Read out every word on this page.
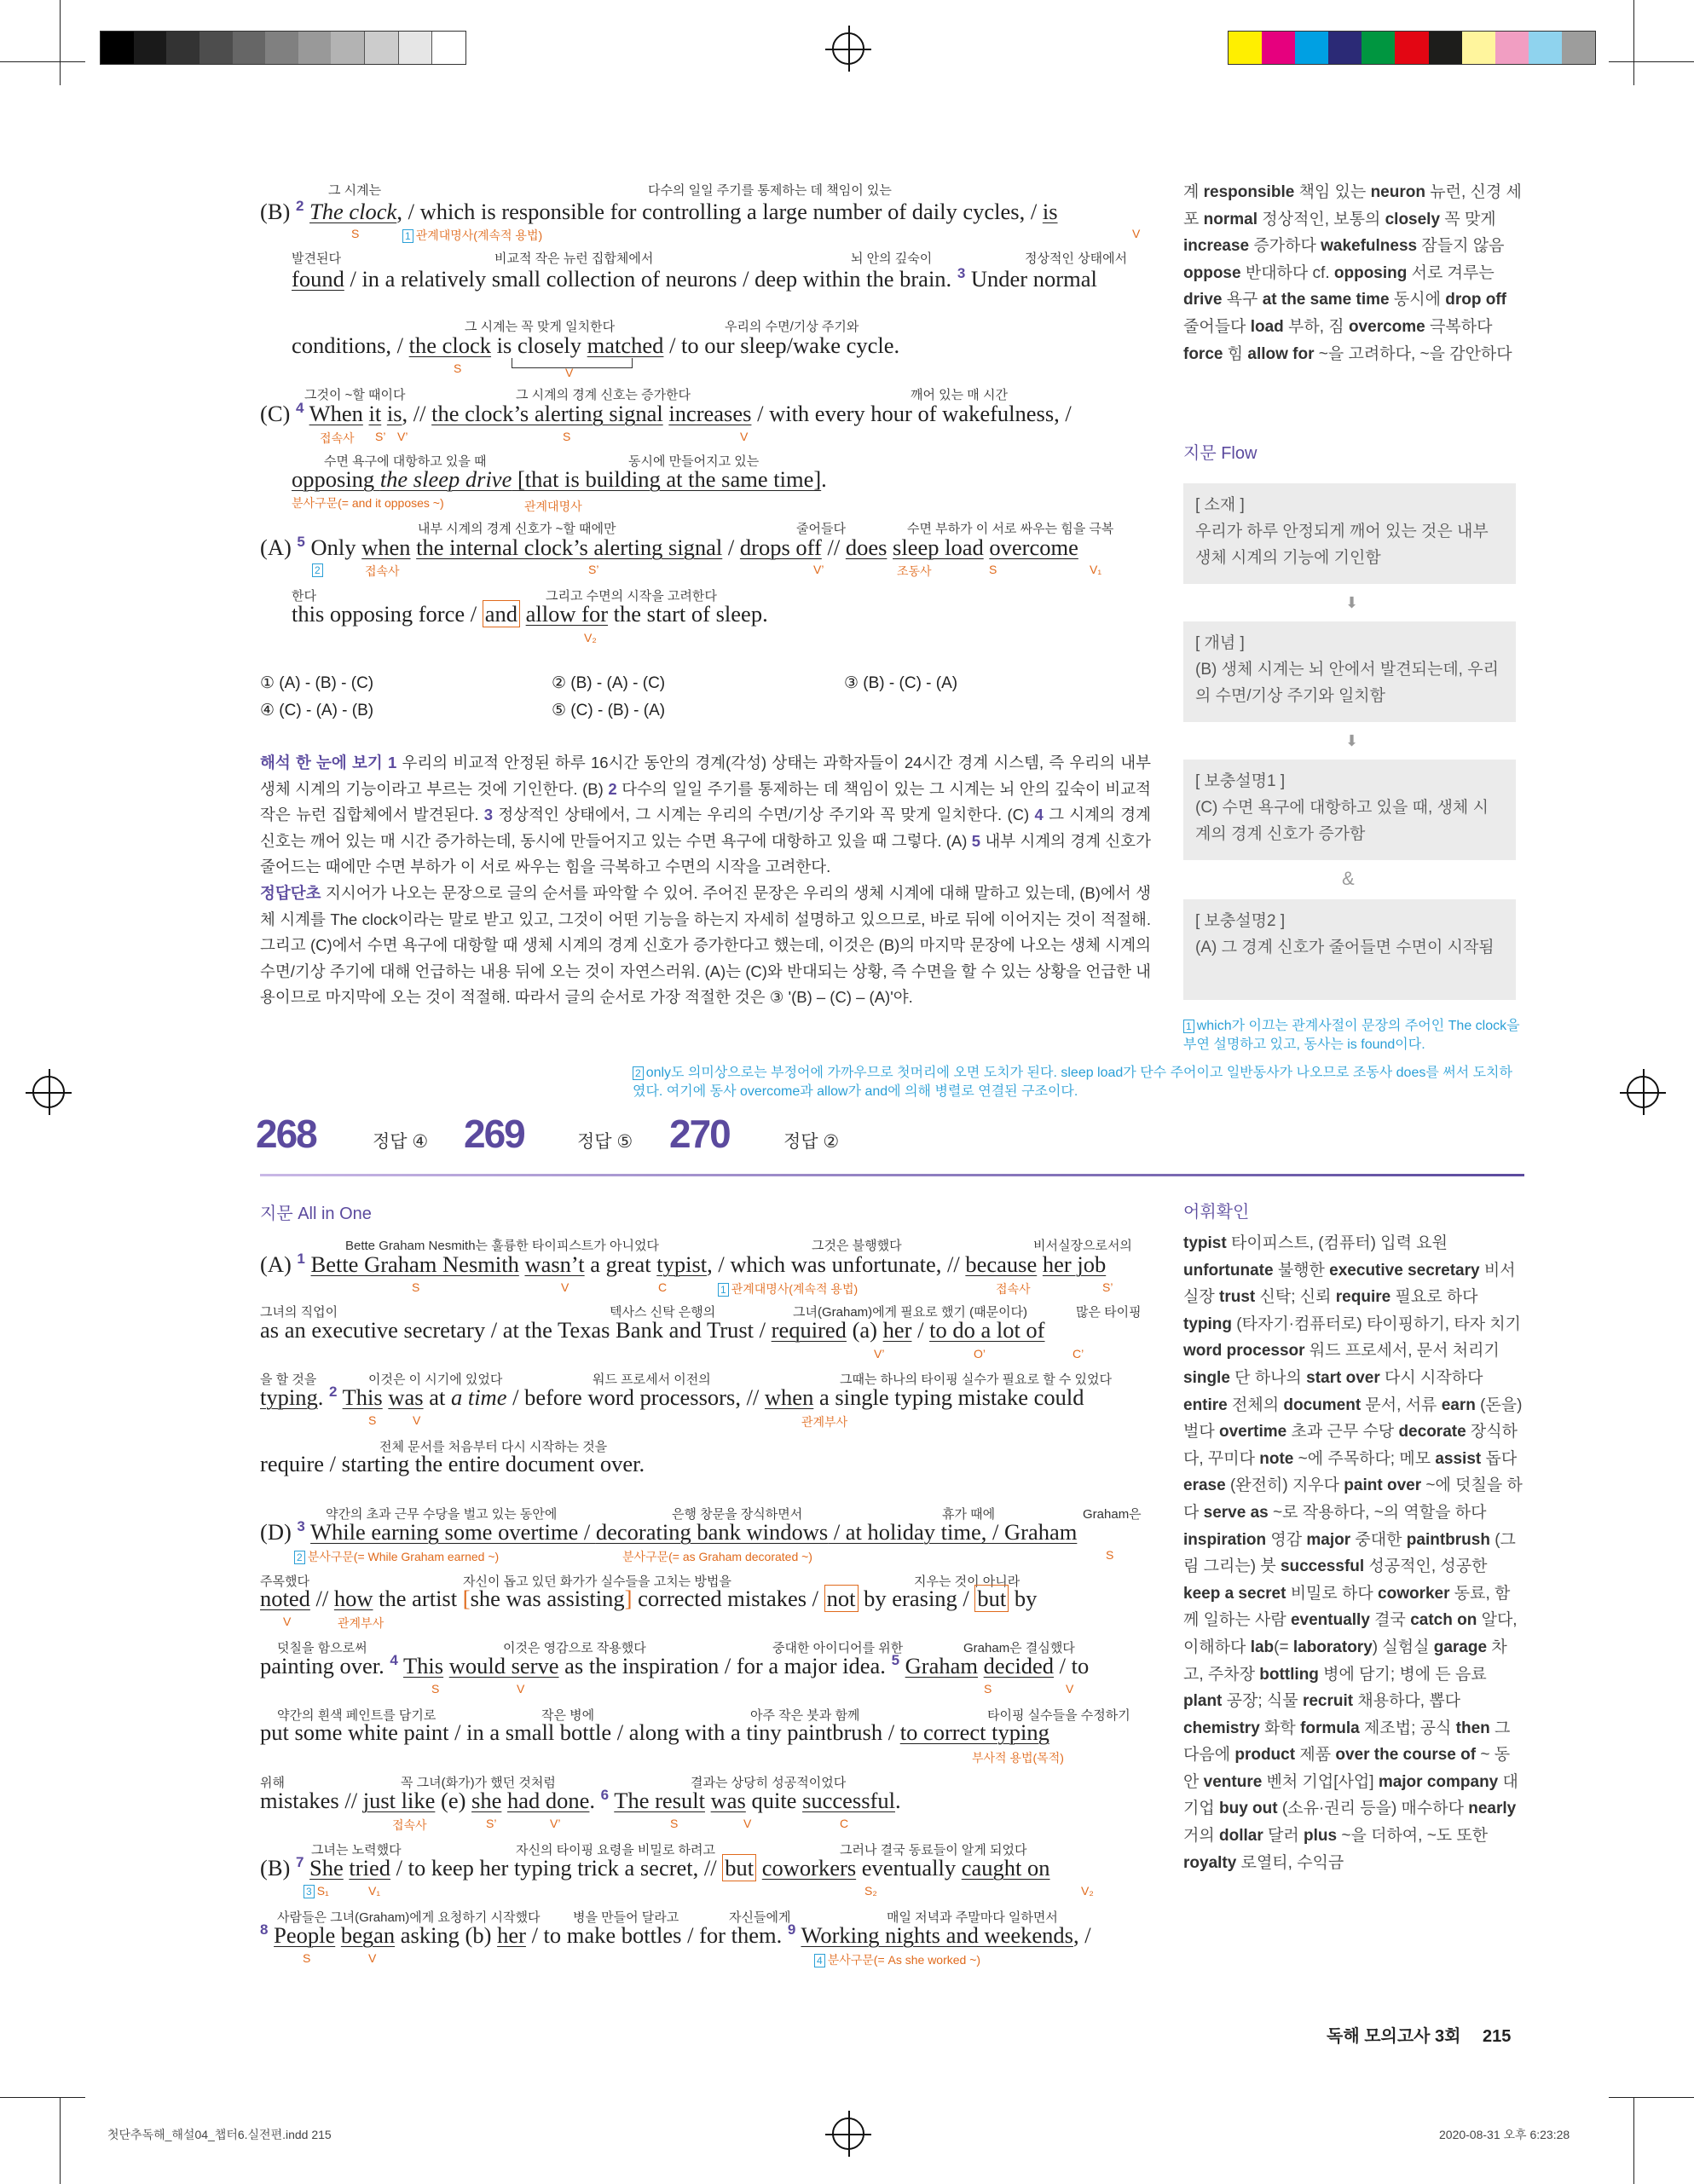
그 시계는	다수의 일일 주기를 통제하는 데 책임이 있는
(B) $^2$ The clock, / which is responsible for controlling a large number of daily cycles, / is
S	1 관계대명사(계속적 용법)	V
발견된다	비교적 작은 뉴런 집합체에서	뇌 안의 깊숙이	정상적인 상태에서
found / in a relatively small collection of neurons / deep within the brain. $^3$ Under normal
그 시계는 꼭 맞게 일치한다	우리의 수면/기상 주기와
conditions, / the clock is closely matched / to our sleep/wake cycle.
S	V
그것이 ~할 때이다	그 시계의 경계 신호는 증가한다	깨어 있는 매 시간
(C) $^4$ When it is, // the clock’s alerting signal increases / with every hour of wakefulness, /
접속사 S’ V’	S	V
수면 욕구에 대항하고 있을 때	동시에 만들어지고 있는
opposing the sleep drive [that is building at the same time].
분사구문(= and it opposes ~)	관계대명사
내부 시계의 경계 신호가 ~할 때에만	줄어들다	수면 부하가 이 서로 싸우는 힘을 극복
(A) $^5$ Only when the internal clock’s alerting signal / drops off // does sleep load overcome
2	접속사	S’	V’	조동사	S	V₁
한다	그리고 수면의 시작을 고려한다
this opposing force / and allow for the start of sleep.
V₂
① (A) - (B) - (C)	② (B) - (A) - (C)	③ (B) - (C) - (A)
④ (C) - (A) - (B)	⑤ (C) - (B) - (A)
해석 한 눈에 보기 1 우리의 비교적 안정된 하루 16시간 동안의 경계(각성) 상태는 과학자들이 24시간 경계 시스템, 즉 우리의 내부 생체 시계의 기능이라고 부르는 것에 기인한다. (B) 2 다수의 일일 주기를 통제하는 데 책임이 있는 그 시계는 뇌 안의 깊숙이 비교적 작은 뉴런 집합체에서 발견된다. 3 정상적인 상태에서, 그 시계는 우리의 수면/기상 주기와 꼭 맞게 일치한다. (C) 4 그 시계의 경계 신호는 깨어 있는 매 시간 증가하는데, 동시에 만들어지고 있는 수면 욕구에 대항하고 있을 때 그렇다. (A) 5 내부 시계의 경계 신호가 줄어드는 때에만 수면 부하가 이 서로 싸우는 힘을 극복하고 수면의 시작을 고려한다.
정답단초 지시어가 나오는 문장으로 글의 순서를 파악할 수 있어. 주어진 문장은 우리의 생체 시계에 대해 말하고 있는데, (B)에서 생체 시계를 The clock이라는 말로 받고 있고, 그것이 어떤 기능을 하는지 자세히 설명하고 있으므로, 바로 뒤에 이어지는 것이 적절해. 그리고 (C)에서 수면 욕구에 대항할 때 생체 시계의 경계 신호가 증가한다고 했는데, 이것은 (B)의 마지막 문장에 나오는 생체 시계의 수면/기상 주기에 대해 언급하는 내용 뒤에 오는 것이 자연스러워. (A)는 (C)와 반대되는 상황, 즉 수면을 할 수 있는 상황을 언급한 내용이므로 마지막에 오는 것이 적절해. 따라서 글의 순서로 가장 적절한 것은 ③ '(B) – (C) – (A)'야.
1 which가 이끄는 관계사절이 문장의 주어인 The clock을 부연 설명하고 있고, 동사는 is found이다.
2 only도 의미상으로는 부정어에 가까우므로 첫머리에 오면 도치가 된다. sleep load가 단수 주어이고 일반동사가 나오므로 조동사 does를 써서 도치하였다. 여기에 동사 overcome과 allow가 and에 의해 병렬로 연결된 구조이다.
268	정답 ④ 269	정답 ⑤ 270	정답 ②
계 responsible 책임 있는 neuron 뉴런, 신경 세포 normal 정상적인, 보통의 closely 꼭 맞게 increase 증가하다 wakefulness 잠들지 않음 oppose 반대하다 cf. opposing 서로 겨루는 drive 욕구 at the same time 동시에 drop off 줄어들다 load 부하, 짐 overcome 극복하다 force 힘 allow for ~을 고려하다, ~을 감안하다
지문 Flow
[ 소재 ]
우리가 하루 안정되게 깨어 있는 것은 내부 생체 시계의 기능에 기인함
⬇
[ 개념 ]
(B) 생체 시계는 뇌 안에서 발견되는데, 우리의 수면/기상 주기와 일치함
⬇
[ 보충설명1 ]
(C) 수면 욕구에 대항하고 있을 때, 생체 시계의 경계 신호가 증가함
&
[ 보충설명2 ]
(A) 그 경계 신호가 줄어들면 수면이 시작됨
지문 All in One	어휘확인
Bette Graham Nesmith는 훌륭한 타이피스트가 아니었다	그것은 불행했다	비서실장으로서의
(A) $^1$ Bette Graham Nesmith wasn’t a great typist, / which was unfortunate, // because her job
S	V	C	1 관계대명사(계속적 용법)	접속사	S’
그녀의 직업이	텍사스 신탁 은행의	그녀(Graham)에게 필요로 했기 (때문이다)	많은 타이핑
as an executive secretary / at the Texas Bank and Trust / required (a) her / to do a lot of
V’	O’	C’
을 할 것을	이것은 이 시기에 있었다	워드 프로세서 이전의	그때는 하나의 타이핑 실수가 필요로 할 수 있었다
typing. $^2$ This was at a time / before word processors, // when a single typing mistake could
S	V	관계부사
전체 문서를 처음부터 다시 시작하는 것을
require / starting the entire document over.
약간의 초과 근무 수당을 벌고 있는 동안에	은행 창문을 장식하면서	휴가 때에	Graham은
(D) $^3$ While earning some overtime / decorating bank windows / at holiday time, / Graham
2 분사구문(= While Graham earned ~)	분사구문(= as Graham decorated ~)	S
주목했다	자신이 돕고 있던 화가가 실수들을 고치는 방법을	지우는 것이 아니라
noted // how the artist [she was assisting] corrected mistakes / not by erasing / but by
V	관계부사
덧칠을 함으로써	이것은 영감으로 작용했다	중대한 아이디어를 위한	Graham은 결심했다
painting over. $^4$ This would serve as the inspiration / for a major idea. $^5$ Graham decided / to
S	V	S	V
약간의 흰색 페인트를 담기로	작은 병에	아주 작은 붓과 함께	타이핑 실수들을 수정하기
put some white paint / in a small bottle / along with a tiny paintbrush / to correct typing
부사적 용법(목적)
위해	꼭 그녀(화가)가 했던 것처럼	결과는 상당히 성공적이었다
mistakes // just like (e) she had done. $^6$ The result was quite successful.
접속사	S’	V’	S	V	C
그녀는 노력했다	자신의 타이핑 요령을 비밀로 하려고	그러나 결국 동료들이 알게 되었다
(B) $^7$ She tried / to keep her typing trick a secret, // but coworkers eventually caught on
3 S₁	V₁	S₂	V₂
사람들은 그녀(Graham)에게 요청하기 시작했다	병을 만들어 달라고	자신들에게	매일 저녁과 주말마다 일하면서
$^8$ People began asking (b) her / to make bottles / for them. $^9$ Working nights and weekends, /
S	V	4 분사구문(= As she worked ~)
typist 타이피스트, (컴퓨터) 입력 요원 unfortunate 불행한 executive secretary 비서실장 trust 신탁; 신뢰 require 필요로 하다 typing (타자기·컴퓨터로) 타이핑하기, 타자 치기 word processor 워드 프로세서, 문서 처리기 single 단 하나의 start over 다시 시작하다 entire 전체의 document 문서, 서류 earn (돈을) 벌다 overtime 초과 근무 수당 decorate 장식하다, 꾸미다 note ~에 주목하다; 메모 assist 돕다 erase (완전히) 지우다 paint over ~에 덧칠을 하다 serve as ~로 작용하다, ~의 역할을 하다 inspiration 영감 major 중대한 paintbrush (그림 그리는) 붓 successful 성공적인, 성공한 keep a secret 비밀로 하다 coworker 동료, 함께 일하는 사람 eventually 결국 catch on 알다, 이해하다 lab(= laboratory) 실험실 garage 차고, 주차장 bottling 병에 담기; 병에 든 음료 plant 공장; 식물 recruit 채용하다, 뽑다 chemistry 화학 formula 제조법; 공식 then 그 다음에 product 제품 over the course of ~ 동안 venture 벤처 기업[사업] major company 대기업 buy out (소유·권리 등을) 매수하다 nearly 거의 dollar 달러 plus ~을 더하여, ~도 또한 royalty 로열티, 수익금
독해 모의고사 3회 215
첫단추독해_해설04_챕터6.실전편.indd 215	2020-08-31 오후 6:23:28
